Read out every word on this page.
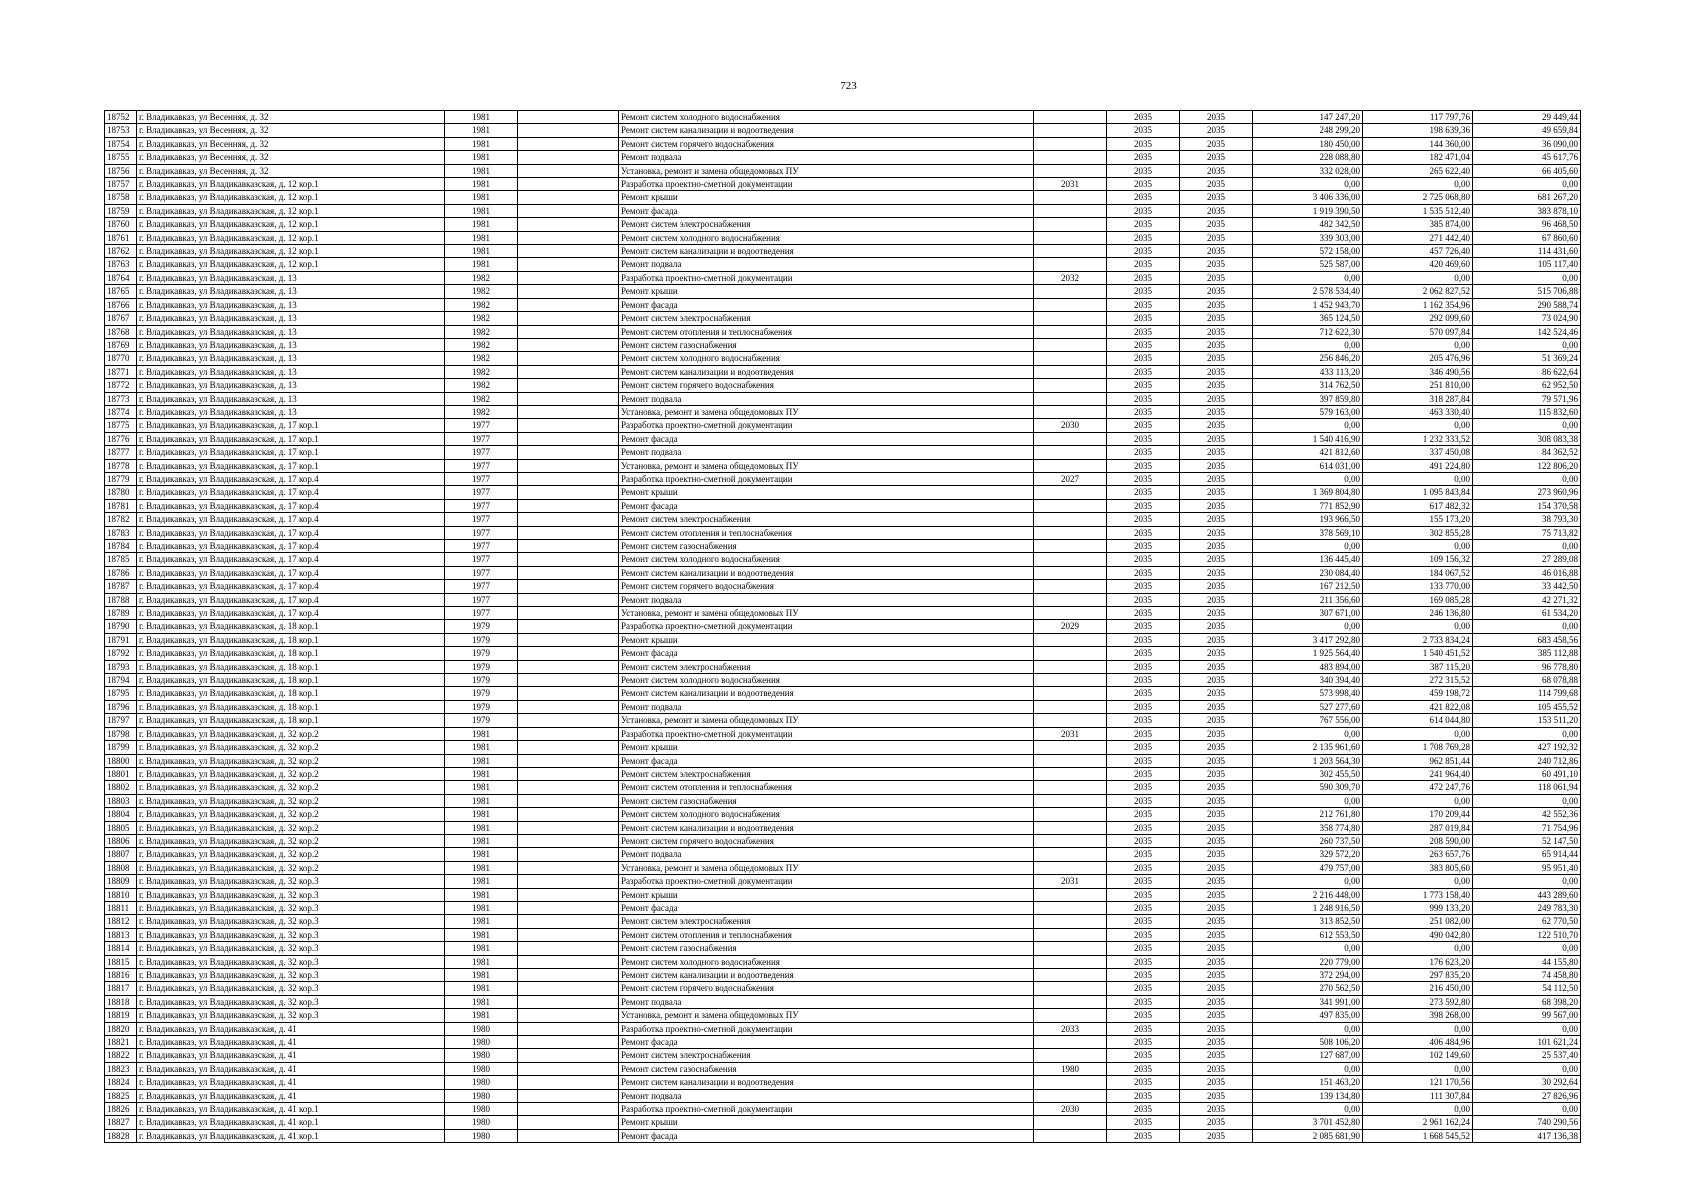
723
18752	г. Владикавказ, ул Весенняя, д. 32	1981		Ремонт систем холодного водоснабжения		2035	2035	147 247,20	117 797,76	29 449,44
18753	г. Владикавказ, ул Весенняя, д. 32	1981		Ремонт систем канализации и водоотведения		2035	2035	248 299,20	198 639,36	49 659,84
18754	г. Владикавказ, ул Весенняя, д. 32	1981		Ремонт систем горячего водоснабжения		2035	2035	180 450,00	144 360,00	36 090,00
18755	г. Владикавказ, ул Весенняя, д. 32	1981		Ремонт подвала		2035	2035	228 088,80	182 471,04	45 617,76
18756	г. Владикавказ, ул Весенняя, д. 32	1981		Установка, ремонт и замена общедомовых ПУ		2035	2035	332 028,00	265 622,40	66 405,60
18757	г. Владикавказ, ул Владикавказская, д. 12 кор.1	1981		Разработка проектно-сметной документации	2031	2035	2035	0,00	0,00	0,00
18758	г. Владикавказ, ул Владикавказская, д. 12 кор.1	1981		Ремонт крыши		2035	2035	3 406 336,00	2 725 068,80	681 267,20
18759	г. Владикавказ, ул Владикавказская, д. 12 кор.1	1981		Ремонт фасада		2035	2035	1 919 390,50	1 535 512,40	383 878,10
18760	г. Владикавказ, ул Владикавказская, д. 12 кор.1	1981		Ремонт систем электроснабжения		2035	2035	482 342,50	385 874,00	96 468,50
18761	г. Владикавказ, ул Владикавказская, д. 12 кор.1	1981		Ремонт систем холодного водоснабжения		2035	2035	339 303,00	271 442,40	67 860,60
18762	г. Владикавказ, ул Владикавказская, д. 12 кор.1	1981		Ремонт систем канализации и водоотведения		2035	2035	572 158,00	457 726,40	114 431,60
18763	г. Владикавказ, ул Владикавказская, д. 12 кор.1	1981		Ремонт подвала		2035	2035	525 587,00	420 469,60	105 117,40
18764	г. Владикавказ, ул Владикавказская, д. 13	1982		Разработка проектно-сметной документации	2032	2035	2035	0,00	0,00	0,00
18765	г. Владикавказ, ул Владикавказская, д. 13	1982		Ремонт крыши		2035	2035	2 578 534,40	2 062 827,52	515 706,88
18766	г. Владикавказ, ул Владикавказская, д. 13	1982		Ремонт фасада		2035	2035	1 452 943,70	1 162 354,96	290 588,74
18767	г. Владикавказ, ул Владикавказская, д. 13	1982		Ремонт систем электроснабжения		2035	2035	365 124,50	292 099,60	73 024,90
18768	г. Владикавказ, ул Владикавказская, д. 13	1982		Ремонт систем отопления и теплоснабжения		2035	2035	712 622,30	570 097,84	142 524,46
18769	г. Владикавказ, ул Владикавказская, д. 13	1982		Ремонт систем газоснабжения		2035	2035	0,00	0,00	0,00
18770	г. Владикавказ, ул Владикавказская, д. 13	1982		Ремонт систем холодного водоснабжения		2035	2035	256 846,20	205 476,96	51 369,24
18771	г. Владикавказ, ул Владикавказская, д. 13	1982		Ремонт систем канализации и водоотведения		2035	2035	433 113,20	346 490,56	86 622,64
18772	г. Владикавказ, ул Владикавказская, д. 13	1982		Ремонт систем горячего водоснабжения		2035	2035	314 762,50	251 810,00	62 952,50
18773	г. Владикавказ, ул Владикавказская, д. 13	1982		Ремонт подвала		2035	2035	397 859,80	318 287,84	79 571,96
18774	г. Владикавказ, ул Владикавказская, д. 13	1982		Установка, ремонт и замена общедомовых ПУ		2035	2035	579 163,00	463 330,40	115 832,60
18775	г. Владикавказ, ул Владикавказская, д. 17 кор.1	1977		Разработка проектно-сметной документации	2030	2035	2035	0,00	0,00	0,00
18776	г. Владикавказ, ул Владикавказская, д. 17 кор.1	1977		Ремонт фасада		2035	2035	1 540 416,90	1 232 333,52	308 083,38
18777	г. Владикавказ, ул Владикавказская, д. 17 кор.1	1977		Ремонт подвала		2035	2035	421 812,60	337 450,08	84 362,52
18778	г. Владикавказ, ул Владикавказская, д. 17 кор.1	1977		Установка, ремонт и замена общедомовых ПУ		2035	2035	614 031,00	491 224,80	122 806,20
18779	г. Владикавказ, ул Владикавказская, д. 17 кор.4	1977		Разработка проектно-сметной документации	2027	2035	2035	0,00	0,00	0,00
18780	г. Владикавказ, ул Владикавказская, д. 17 кор.4	1977		Ремонт крыши		2035	2035	1 369 804,80	1 095 843,84	273 960,96
18781	г. Владикавказ, ул Владикавказская, д. 17 кор.4	1977		Ремонт фасада		2035	2035	771 852,90	617 482,32	154 370,58
18782	г. Владикавказ, ул Владикавказская, д. 17 кор.4	1977		Ремонт систем электроснабжения		2035	2035	193 966,50	155 173,20	38 793,30
18783	г. Владикавказ, ул Владикавказская, д. 17 кор.4	1977		Ремонт систем отопления и теплоснабжения		2035	2035	378 569,10	302 855,28	75 713,82
18784	г. Владикавказ, ул Владикавказская, д. 17 кор.4	1977		Ремонт систем газоснабжения		2035	2035	0,00	0,00	0,00
18785	г. Владикавказ, ул Владикавказская, д. 17 кор.4	1977		Ремонт систем холодного водоснабжения		2035	2035	136 445,40	109 156,32	27 289,08
18786	г. Владикавказ, ул Владикавказская, д. 17 кор.4	1977		Ремонт систем канализации и водоотведения		2035	2035	230 084,40	184 067,52	46 016,88
18787	г. Владикавказ, ул Владикавказская, д. 17 кор.4	1977		Ремонт систем горячего водоснабжения		2035	2035	167 212,50	133 770,00	33 442,50
18788	г. Владикавказ, ул Владикавказская, д. 17 кор.4	1977		Ремонт подвала		2035	2035	211 356,60	169 085,28	42 271,32
18789	г. Владикавказ, ул Владикавказская, д. 17 кор.4	1977		Установка, ремонт и замена общедомовых ПУ		2035	2035	307 671,00	246 136,80	61 534,20
18790	г. Владикавказ, ул Владикавказская, д. 18 кор.1	1979		Разработка проектно-сметной документации	2029	2035	2035	0,00	0,00	0,00
18791	г. Владикавказ, ул Владикавказская, д. 18 кор.1	1979		Ремонт крыши		2035	2035	3 417 292,80	2 733 834,24	683 458,56
18792	г. Владикавказ, ул Владикавказская, д. 18 кор.1	1979		Ремонт фасада		2035	2035	1 925 564,40	1 540 451,52	385 112,88
18793	г. Владикавказ, ул Владикавказская, д. 18 кор.1	1979		Ремонт систем электроснабжения		2035	2035	483 894,00	387 115,20	96 778,80
18794	г. Владикавказ, ул Владикавказская, д. 18 кор.1	1979		Ремонт систем холодного водоснабжения		2035	2035	340 394,40	272 315,52	68 078,88
18795	г. Владикавказ, ул Владикавказская, д. 18 кор.1	1979		Ремонт систем канализации и водоотведения		2035	2035	573 998,40	459 198,72	114 799,68
18796	г. Владикавказ, ул Владикавказская, д. 18 кор.1	1979		Ремонт подвала		2035	2035	527 277,60	421 822,08	105 455,52
18797	г. Владикавказ, ул Владикавказская, д. 18 кор.1	1979		Установка, ремонт и замена общедомовых ПУ		2035	2035	767 556,00	614 044,80	153 511,20
18798	г. Владикавказ, ул Владикавказская, д. 32 кор.2	1981		Разработка проектно-сметной документации	2031	2035	2035	0,00	0,00	0,00
18799	г. Владикавказ, ул Владикавказская, д. 32 кор.2	1981		Ремонт крыши		2035	2035	2 135 961,60	1 708 769,28	427 192,32
18800	г. Владикавказ, ул Владикавказская, д. 32 кор.2	1981		Ремонт фасада		2035	2035	1 203 564,30	962 851,44	240 712,86
18801	г. Владикавказ, ул Владикавказская, д. 32 кор.2	1981		Ремонт систем электроснабжения		2035	2035	302 455,50	241 964,40	60 491,10
18802	г. Владикавказ, ул Владикавказская, д. 32 кор.2	1981		Ремонт систем отопления и теплоснабжения		2035	2035	590 309,70	472 247,76	118 061,94
18803	г. Владикавказ, ул Владикавказская, д. 32 кор.2	1981		Ремонт систем газоснабжения		2035	2035	0,00	0,00	0,00
18804	г. Владикавказ, ул Владикавказская, д. 32 кор.2	1981		Ремонт систем холодного водоснабжения		2035	2035	212 761,80	170 209,44	42 552,36
18805	г. Владикавказ, ул Владикавказская, д. 32 кор.2	1981		Ремонт систем канализации и водоотведения		2035	2035	358 774,80	287 019,84	71 754,96
18806	г. Владикавказ, ул Владикавказская, д. 32 кор.2	1981		Ремонт систем горячего водоснабжения		2035	2035	260 737,50	208 590,00	52 147,50
18807	г. Владикавказ, ул Владикавказская, д. 32 кор.2	1981		Ремонт подвала		2035	2035	329 572,20	263 657,76	65 914,44
18808	г. Владикавказ, ул Владикавказская, д. 32 кор.2	1981		Установка, ремонт и замена общедомовых ПУ		2035	2035	479 757,00	383 805,60	95 951,40
18809	г. Владикавказ, ул Владикавказская, д. 32 кор.3	1981		Разработка проектно-сметной документации	2031	2035	2035	0,00	0,00	0,00
18810	г. Владикавказ, ул Владикавказская, д. 32 кор.3	1981		Ремонт крыши		2035	2035	2 216 448,00	1 773 158,40	443 289,60
18811	г. Владикавказ, ул Владикавказская, д. 32 кор.3	1981		Ремонт фасада		2035	2035	1 248 916,50	999 133,20	249 783,30
18812	г. Владикавказ, ул Владикавказская, д. 32 кор.3	1981		Ремонт систем электроснабжения		2035	2035	313 852,50	251 082,00	62 770,50
18813	г. Владикавказ, ул Владикавказская, д. 32 кор.3	1981		Ремонт систем отопления и теплоснабжения		2035	2035	612 553,50	490 042,80	122 510,70
18814	г. Владикавказ, ул Владикавказская, д. 32 кор.3	1981		Ремонт систем газоснабжения		2035	2035	0,00	0,00	0,00
18815	г. Владикавказ, ул Владикавказская, д. 32 кор.3	1981		Ремонт систем холодного водоснабжения		2035	2035	220 779,00	176 623,20	44 155,80
18816	г. Владикавказ, ул Владикавказская, д. 32 кор.3	1981		Ремонт систем канализации и водоотведения		2035	2035	372 294,00	297 835,20	74 458,80
18817	г. Владикавказ, ул Владикавказская, д. 32 кор.3	1981		Ремонт систем горячего водоснабжения		2035	2035	270 562,50	216 450,00	54 112,50
18818	г. Владикавказ, ул Владикавказская, д. 32 кор.3	1981		Ремонт подвала		2035	2035	341 991,00	273 592,80	68 398,20
18819	г. Владикавказ, ул Владикавказская, д. 32 кор.3	1981		Установка, ремонт и замена общедомовых ПУ		2035	2035	497 835,00	398 268,00	99 567,00
18820	г. Владикавказ, ул Владикавказская, д. 41	1980		Разработка проектно-сметной документации	2033	2035	2035	0,00	0,00	0,00
18821	г. Владикавказ, ул Владикавказская, д. 41	1980		Ремонт фасада		2035	2035	508 106,20	406 484,96	101 621,24
18822	г. Владикавказ, ул Владикавказская, д. 41	1980		Ремонт систем электроснабжения		2035	2035	127 687,00	102 149,60	25 537,40
18823	г. Владикавказ, ул Владикавказская, д. 41	1980		Ремонт систем газоснабжения	1980	2035	2035	0,00	0,00	0,00
18824	г. Владикавказ, ул Владикавказская, д. 41	1980		Ремонт систем канализации и водоотведения		2035	2035	151 463,20	121 170,56	30 292,64
18825	г. Владикавказ, ул Владикавказская, д. 41	1980		Ремонт подвала		2035	2035	139 134,80	111 307,84	27 826,96
18826	г. Владикавказ, ул Владикавказская, д. 41 кор.1	1980		Разработка проектно-сметной документации	2030	2035	2035	0,00	0,00	0,00
18827	г. Владикавказ, ул Владикавказская, д. 41 кор.1	1980		Ремонт крыши		2035	2035	3 701 452,80	2 961 162,24	740 290,56
18828	г. Владикавказ, ул Владикавказская, д. 41 кор.1	1980		Ремонт фасада		2035	2035	2 085 681,90	1 668 545,52	417 136,38
